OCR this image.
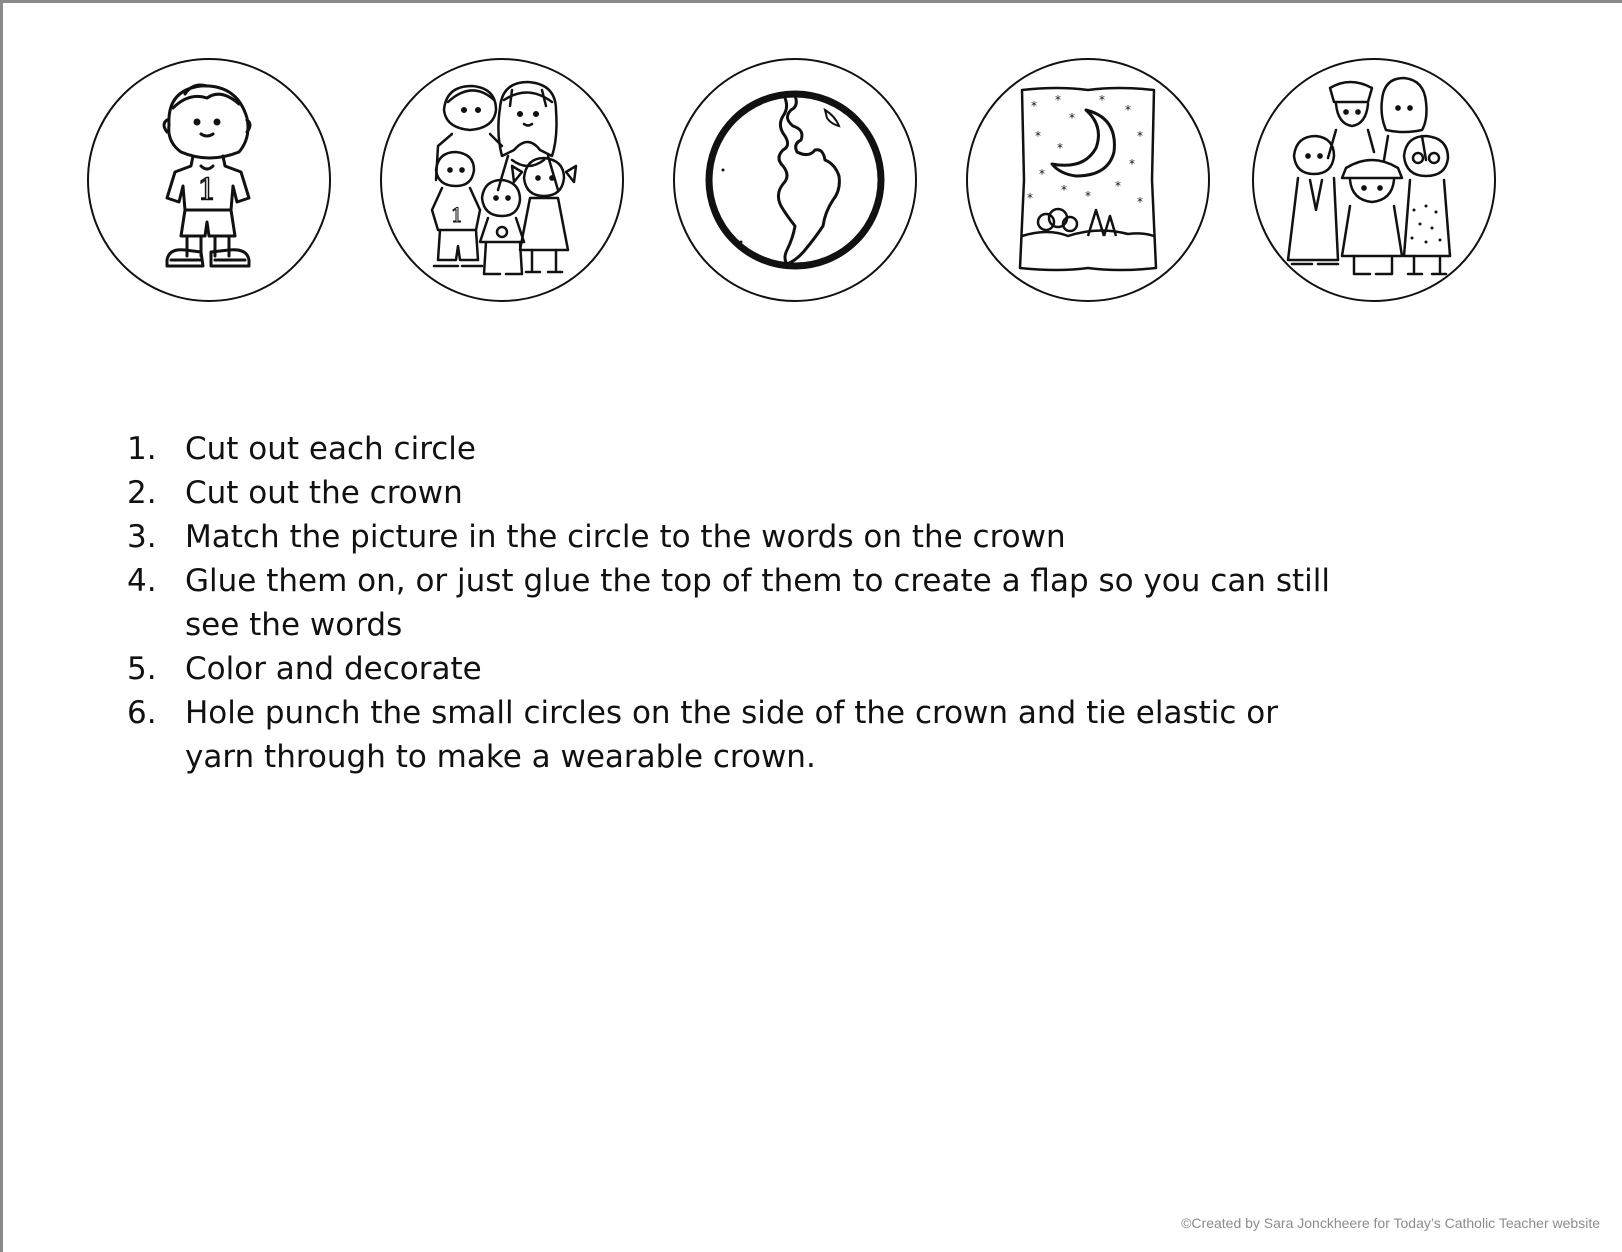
1
1
* *
*
*
*
*
*
*
*
*
* *
*	*
*
1. Cut out each circle
2. Cut out the crown
3. Match the picture in the circle to the words on the crown
4. Glue them on, or just glue the top of them to create a flap so you can still see the words
5. Color and decorate
6. Hole punch the small circles on the side of the crown and tie elastic or yarn through to make a wearable crown.
©Created by Sara Jonckheere for Today’s Catholic Teacher website
